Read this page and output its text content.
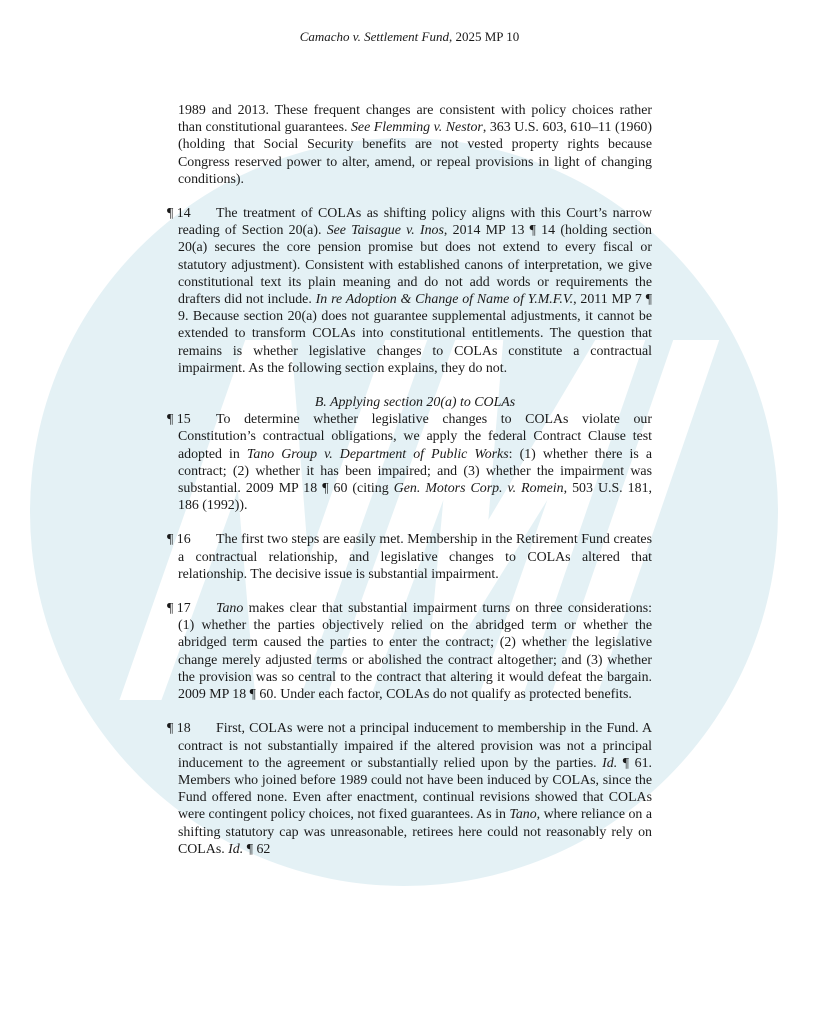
Camacho v. Settlement Fund, 2025 MP 10

1989 and 2013. These frequent changes are consistent with policy choices rather than constitutional guarantees. See Flemming v. Nestor, 363 U.S. 603, 610–11 (1960) (holding that Social Security benefits are not vested property rights because Congress reserved power to alter, amend, or repeal provisions in light of changing conditions).

¶ 14	The treatment of COLAs as shifting policy aligns with this Court’s narrow reading of Section 20(a). See Taisague v. Inos, 2014 MP 13 ¶ 14 (holding section 20(a) secures the core pension promise but does not extend to every fiscal or statutory adjustment). Consistent with established canons of interpretation, we give constitutional text its plain meaning and do not add words or requirements the drafters did not include. In re Adoption & Change of Name of Y.M.F.V., 2011 MP 7 ¶ 9. Because section 20(a) does not guarantee supplemental adjustments, it cannot be extended to transform COLAs into constitutional entitlements. The question that remains is whether legislative changes to COLAs constitute a contractual impairment. As the following section explains, they do not.

B. Applying section 20(a) to COLAs
¶ 15	To determine whether legislative changes to COLAs violate our Constitution’s contractual obligations, we apply the federal Contract Clause test adopted in Tano Group v. Department of Public Works: (1) whether there is a contract; (2) whether it has been impaired; and (3) whether the impairment was substantial. 2009 MP 18 ¶ 60 (citing Gen. Motors Corp. v. Romein, 503 U.S. 181, 186 (1992)).

¶ 16	The first two steps are easily met. Membership in the Retirement Fund creates a contractual relationship, and legislative changes to COLAs altered that relationship. The decisive issue is substantial impairment.

¶ 17	Tano makes clear that substantial impairment turns on three considerations: (1) whether the parties objectively relied on the abridged term or whether the abridged term caused the parties to enter the contract; (2) whether the legislative change merely adjusted terms or abolished the contract altogether; and (3) whether the provision was so central to the contract that altering it would defeat the bargain. 2009 MP 18 ¶ 60. Under each factor, COLAs do not qualify as protected benefits.

¶ 18	First, COLAs were not a principal inducement to membership in the Fund. A contract is not substantially impaired if the altered provision was not a principal inducement to the agreement or substantially relied upon by the parties. Id. ¶ 61. Members who joined before 1989 could not have been induced by COLAs, since the Fund offered none. Even after enactment, continual revisions showed that COLAs were contingent policy choices, not fixed guarantees. As in Tano, where reliance on a shifting statutory cap was unreasonable, retirees here could not reasonably rely on COLAs. Id. ¶ 62
